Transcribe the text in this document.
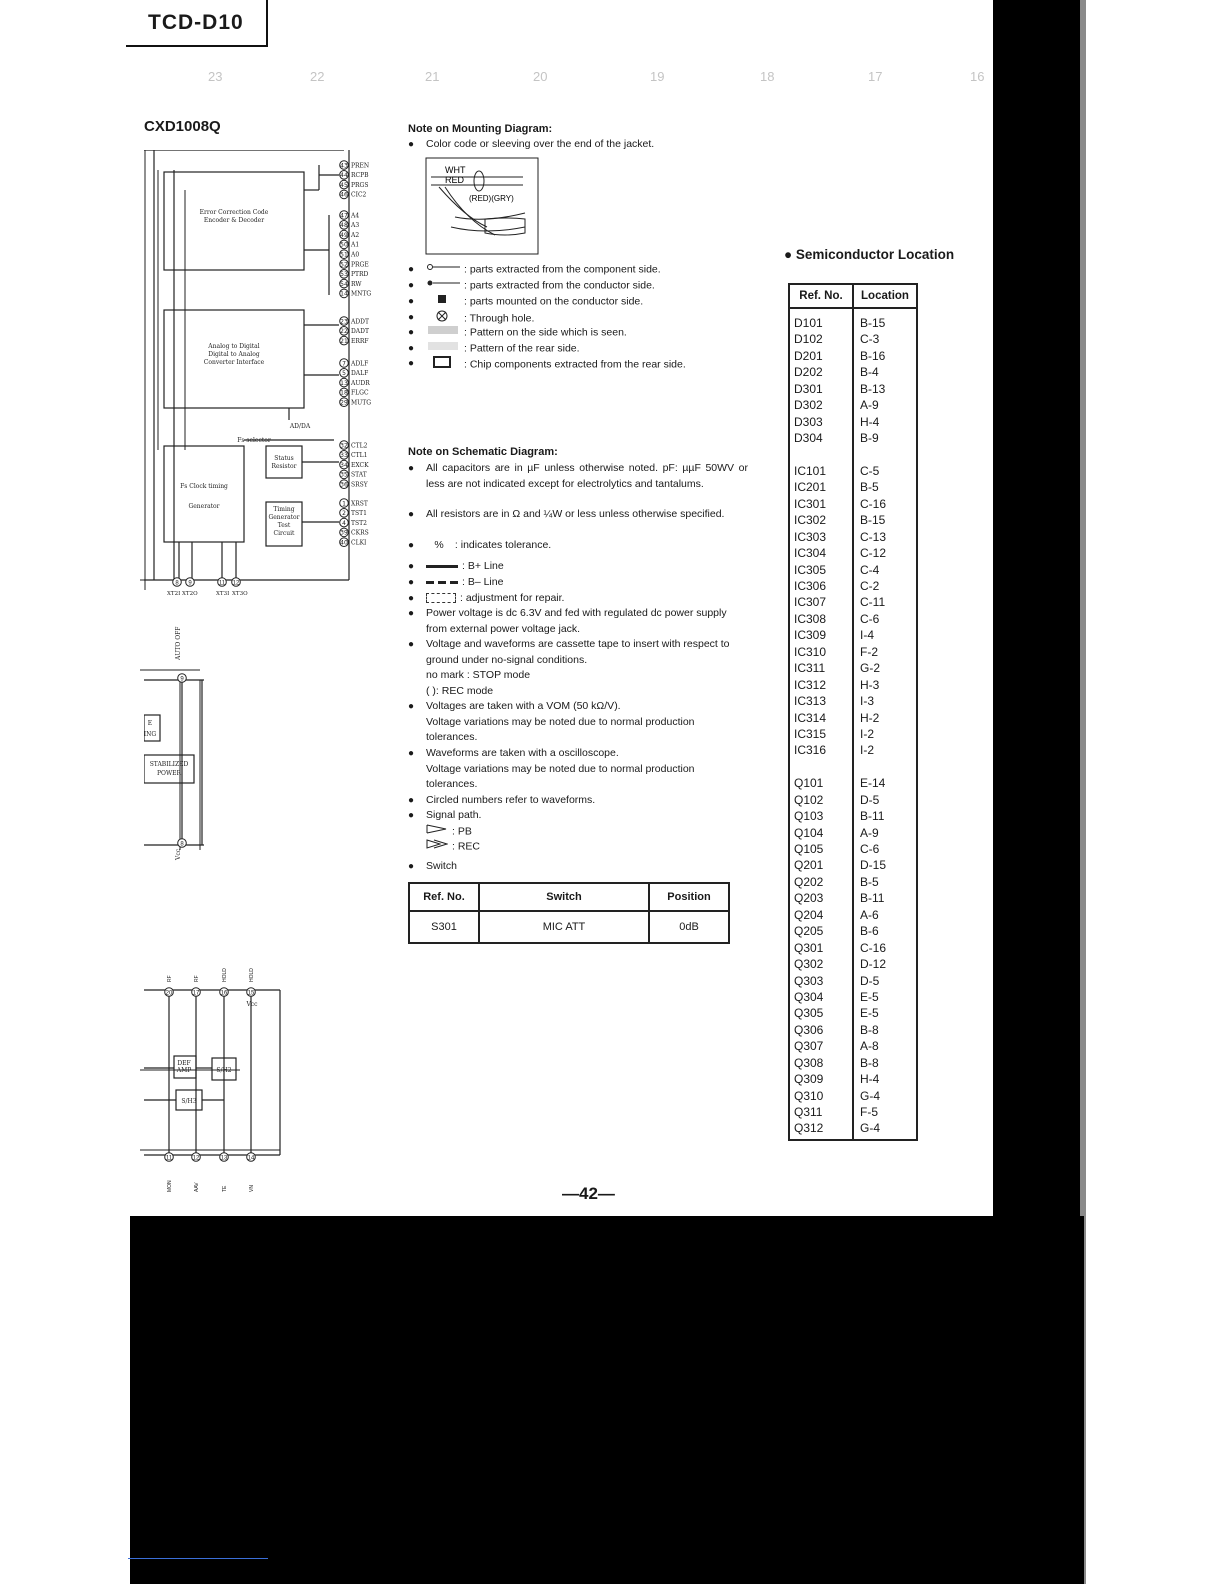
TCD-D10
23	22	21	20	19	18	17	16
CXD1008Q
Error Correction Code
Encoder & Decoder
Analog to Digital
Digital to Analog
Converter Interface
Fs Clock timing
Generator
Status
Resistor
Timing
Generator
Test
Circuit
Fs selector
AD/DA
DEF
AMP	S/H2
S/H3
STABILIZED
POWER
E
ING
Vcc
AUTO OFF
Vcc
43 PREN
44 RCPB
45 PRGS
46 CIC2
47 A4
48 A3
49 A2
50 A1
51 A0
52 PRGE
53 PTRD
54 RW
14 MNTG
23 ADDT
22 DADT
21 ERRF
7 ADLF
5 DALF
13 AUDR
18 FLGC
29 MUTG
32 CTL2
33 CTL1
34 EXCK
35 STAT
36 SRSY
1 XRST
2 TST1
4 TST2
39 CKRS
40 CLKI
8
XT2I
9
XT2O
11
XT3I
12
XT3O
9
8
20
11
RF
MON
17
12
RF
AAV
16
13
HOLD
TE
15
14
HOLD
VN
Note on Mounting Diagram:
● Color code or sleeving over the end of the jacket.
WHT
RED
(RED)(GRY)
●	: parts extracted from the component side.
●	: parts extracted from the conductor side.
●	: parts mounted on the conductor side.
●	: Through hole.
●	: Pattern on the side which is seen.
●	: Pattern of the rear side.
●	: Chip components extracted from the rear side.
Note on Schematic Diagram:
● All capacitors are in µF unless otherwise noted. pF: µµF 50WV or less are not indicated except for electrolytics and tantalums.
● All resistors are in Ω and ¼W or less unless otherwise specified.
●	% : indicates tolerance.
●	: B+ Line
●	: B– Line
●	: adjustment for repair.
● Power voltage is dc 6.3V and fed with regulated dc power supply from external power voltage jack.
● Voltage and waveforms are cassette tape to insert with respect to ground under no-signal conditions.
no mark : STOP mode
( ): REC mode
● Voltages are taken with a VOM (50 kΩ/V).
Voltage variations may be noted due to normal production tolerances.
● Waveforms are taken with a oscilloscope.
Voltage variations may be noted due to normal production tolerances.
● Circled numbers refer to waveforms.
● Signal path.
: PB
: REC
● Switch
Ref. No.	Switch	Position
S301	MIC ATT	0dB
● Semiconductor Location
Ref. No.	Location
D101	B-15
D102	C-3
D201	B-16
D202	B-4
D301	B-13
D302	A-9
D303	H-4
D304	B-9
IC101	C-5
IC201	B-5
IC301	C-16
IC302	B-15
IC303	C-13
IC304	C-12
IC305	C-4
IC306	C-2
IC307	C-11
IC308	C-6
IC309	I-4
IC310	F-2
IC311	G-2
IC312	H-3
IC313	I-3
IC314	H-2
IC315	I-2
IC316	I-2
Q101	E-14
Q102	D-5
Q103	B-11
Q104	A-9
Q105	C-6
Q201	D-15
Q202	B-5
Q203	B-11
Q204	A-6
Q205	B-6
Q301	C-16
Q302	D-12
Q303	D-5
Q304	E-5
Q305	E-5
Q306	B-8
Q307	A-8
Q308	B-8
Q309	H-4
Q310	G-4
Q311	F-5
Q312	G-4
—42—
